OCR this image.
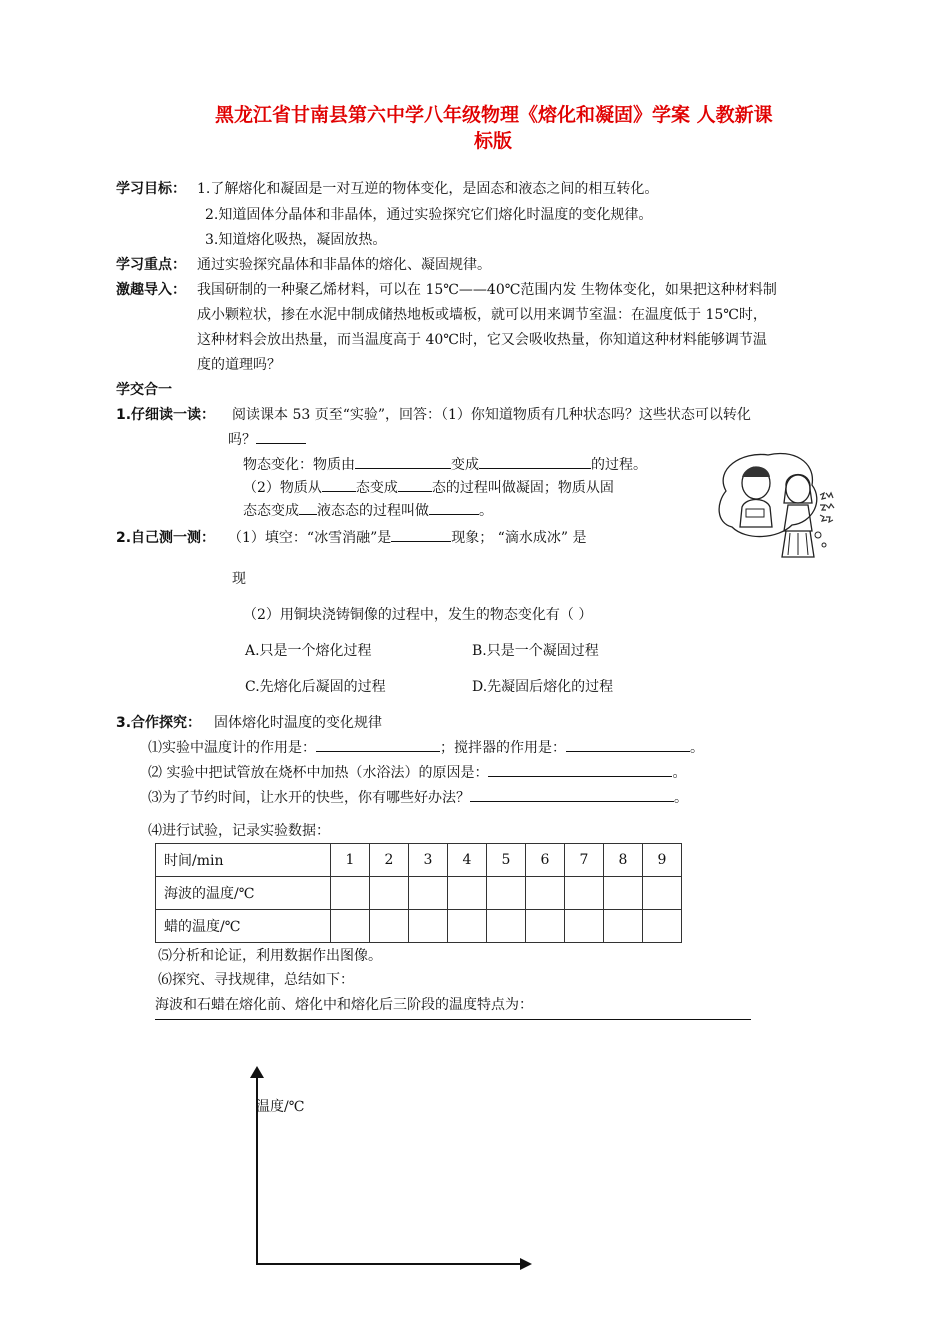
黑龙江省甘南县第六中学八年级物理《熔化和凝固》学案 人教新课
标版
学习目标： 1.了解熔化和凝固是一对互逆的物体变化，是固态和液态之间的相互转化。
2.知道固体分晶体和非晶体，通过实验探究它们熔化时温度的变化规律。
3.知道熔化吸热，凝固放热。
学习重点： 通过实验探究晶体和非晶体的熔化、凝固规律。
激趣导入： 我国研制的一种聚乙烯材料，可以在 15℃——40℃范围内发 生物体变化，如果把这种材料制
成小颗粒状，掺在水泥中制成储热地板或墙板，就可以用来调节室温：在温度低于 15℃时，
这种材料会放出热量，而当温度高于 40℃时，它又会吸收热量，你知道这种材料能够调节温
度的道理吗？
学交合一
1.仔细读一读： 阅读课本 53 页至“实验”，回答：（1）你知道物质有几种状态吗？这些状态可以转化
吗？
物态变化：物质由	变成	的过程。
（2）物质从 态变成 态的过程叫做凝固；物质从固
态态变成 液态态的过程叫做	。
2.自己测一测： （1）填空：“冰雪消融”是	现象； “滴水成冰” 是
现
（2）用铜块浇铸铜像的过程中，发生的物态变化有（ ）
A.只是一个熔化过程	B.只是一个凝固过程
C.先熔化后凝固的过程	D.先凝固后熔化的过程
3.合作探究： 固体熔化时温度的变化规律
⑴实验中温度计的作用是：	；搅拌器的作用是：	。
⑵ 实验中把试管放在烧杯中加热（水浴法）的原因是：	。
⑶为了节约时间，让水开的快些，你有哪些好办法？	。
⑷进行试验，记录实验数据：
时间/min	1	2	3	4	5	6	7	8	9
海波的温度/℃									
蜡的温度/℃									
⑸分析和论证，利用数据作出图像。
⑹探究、寻找规律，总结如下：
海波和石蜡在熔化前、熔化中和熔化后三阶段的温度特点为：
温度/℃
